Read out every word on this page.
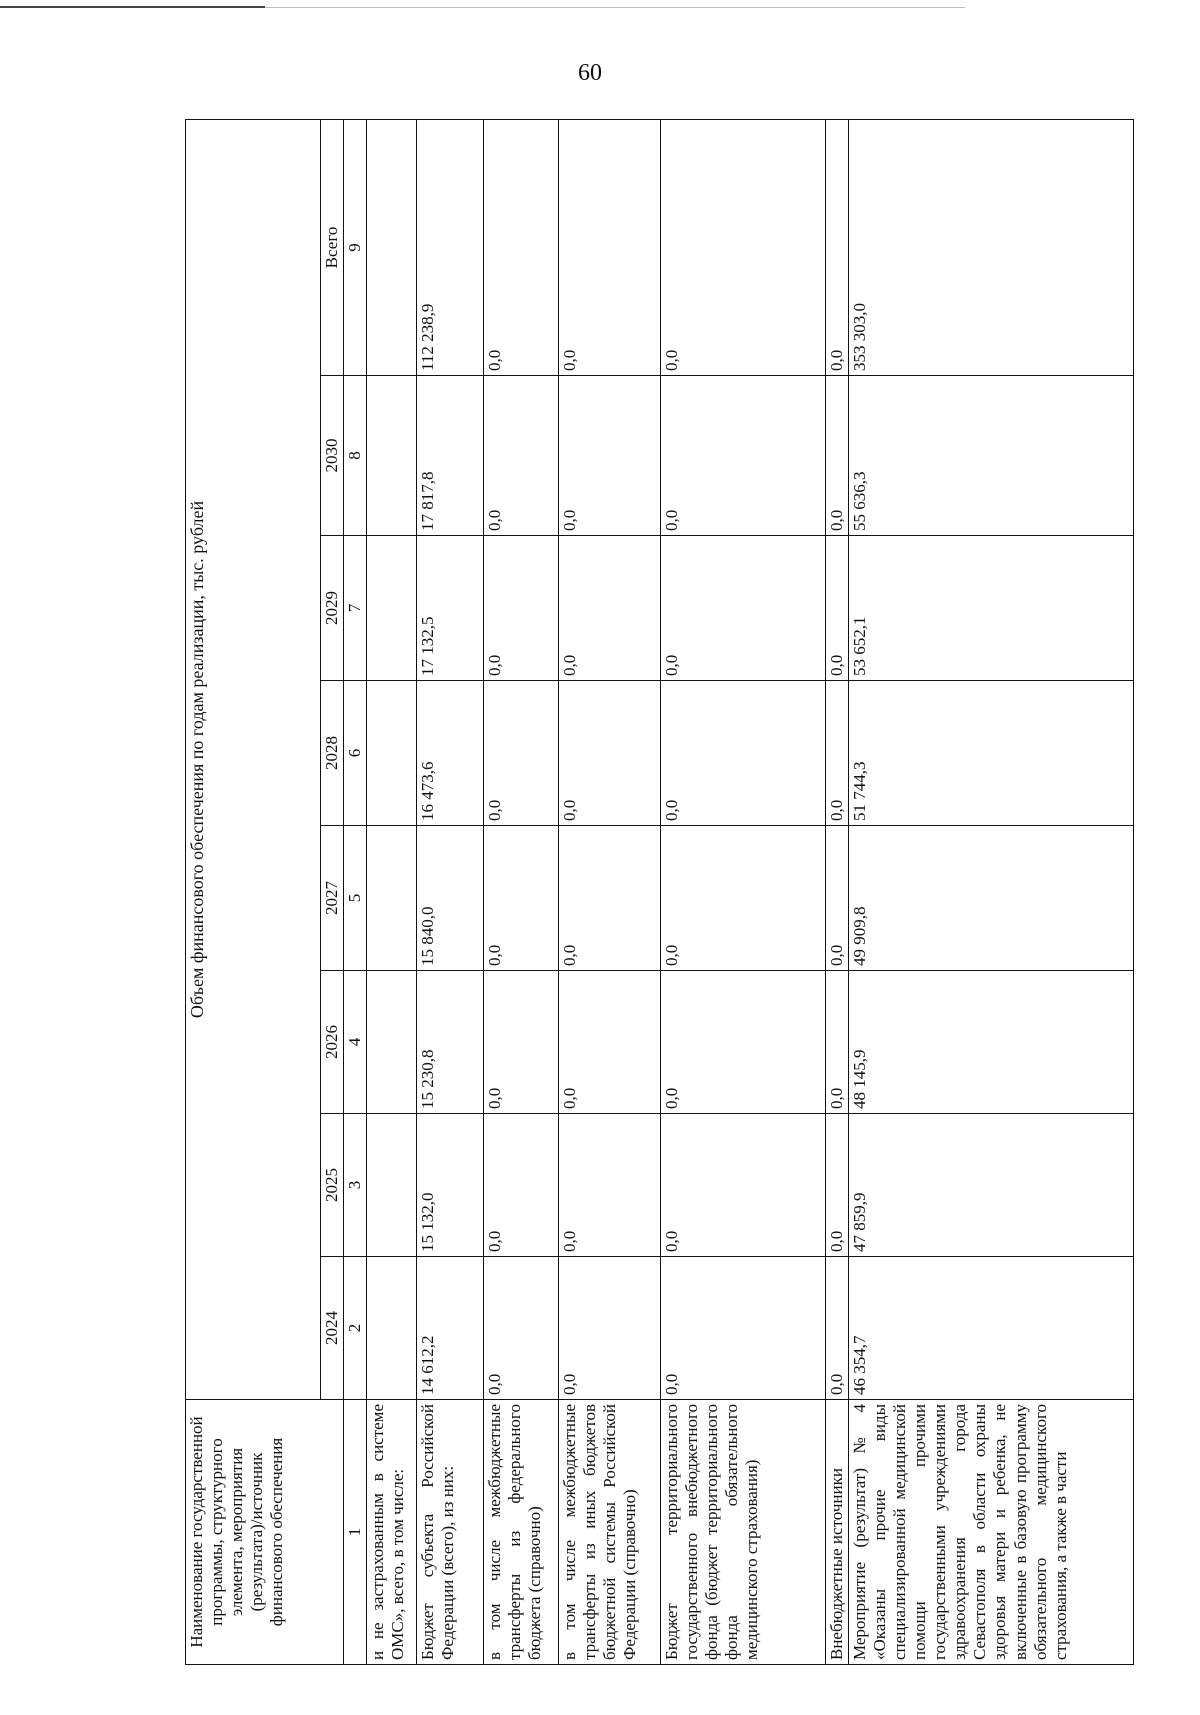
60
Наименование государственной программы, структурного элемента, мероприятия (результата)/источник финансового обеспечения	Объем финансового обеспечения по годам реализации, тыс. рублей							
	2024	2025	2026	2027	2028	2029	2030	Всего
1	2	3	4	5	6	7	8	9
и не застрахованным в системе ОМС», всего, в том числе:								
Бюджет субъекта Российской Федерации (всего), из них:	14 612,2	15 132,0	15 230,8	15 840,0	16 473,6	17 132,5	17 817,8	112 238,9
в том числе межбюджетные трансферты из федерального бюджета (справочно)	0,0	0,0	0,0	0,0	0,0	0,0	0,0	0,0
в том числе межбюджетные трансферты из иных бюджетов бюджетной системы Российской Федерации (справочно)	0,0	0,0	0,0	0,0	0,0	0,0	0,0	0,0
Бюджет территориального государственного внебюджетного фонда (бюджет территориального фонда обязательного медицинского страхования)	0,0	0,0	0,0	0,0	0,0	0,0	0,0	0,0
Внебюджетные источники	0,0	0,0	0,0	0,0	0,0	0,0	0,0	0,0
Мероприятие (результат) № 4 «Оказаны прочие виды специализированной медицинской помощи прочими государственными учреждениями здравоохранения города Севастополя в области охраны здоровья матери и ребенка, не включенные в базовую программу обязательного медицинского страхования, а также в части	46 354,7	47 859,9	48 145,9	49 909,8	51 744,3	53 652,1	55 636,3	353 303,0
